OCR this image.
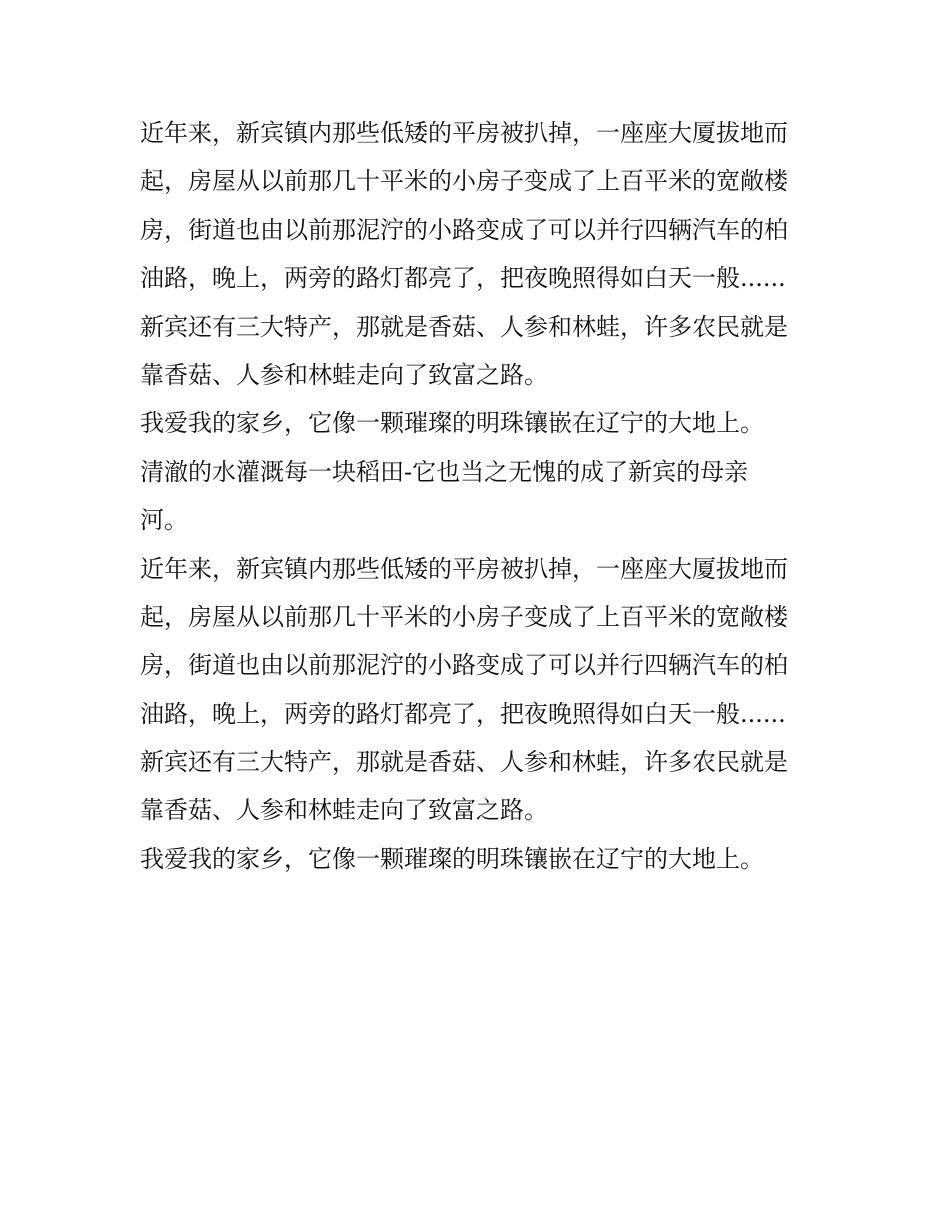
近年来，新宾镇内那些低矮的平房被扒掉，一座座大厦拔地而
起，房屋从以前那几十平米的小房子变成了上百平米的宽敞楼
房，街道也由以前那泥泞的小路变成了可以并行四辆汽车的柏
油路，晚上，两旁的路灯都亮了，把夜晚照得如白天一般......
新宾还有三大特产，那就是香菇、人参和林蛙，许多农民就是
靠香菇、人参和林蛙走向了致富之路。
我爱我的家乡，它像一颗璀璨的明珠镶嵌在辽宁的大地上。
清澈的水灌溉每一块稻田-它也当之无愧的成了新宾的母亲
河。
近年来，新宾镇内那些低矮的平房被扒掉，一座座大厦拔地而
起，房屋从以前那几十平米的小房子变成了上百平米的宽敞楼
房，街道也由以前那泥泞的小路变成了可以并行四辆汽车的柏
油路，晚上，两旁的路灯都亮了，把夜晚照得如白天一般......
新宾还有三大特产，那就是香菇、人参和林蛙，许多农民就是
靠香菇、人参和林蛙走向了致富之路。
我爱我的家乡，它像一颗璀璨的明珠镶嵌在辽宁的大地上。
